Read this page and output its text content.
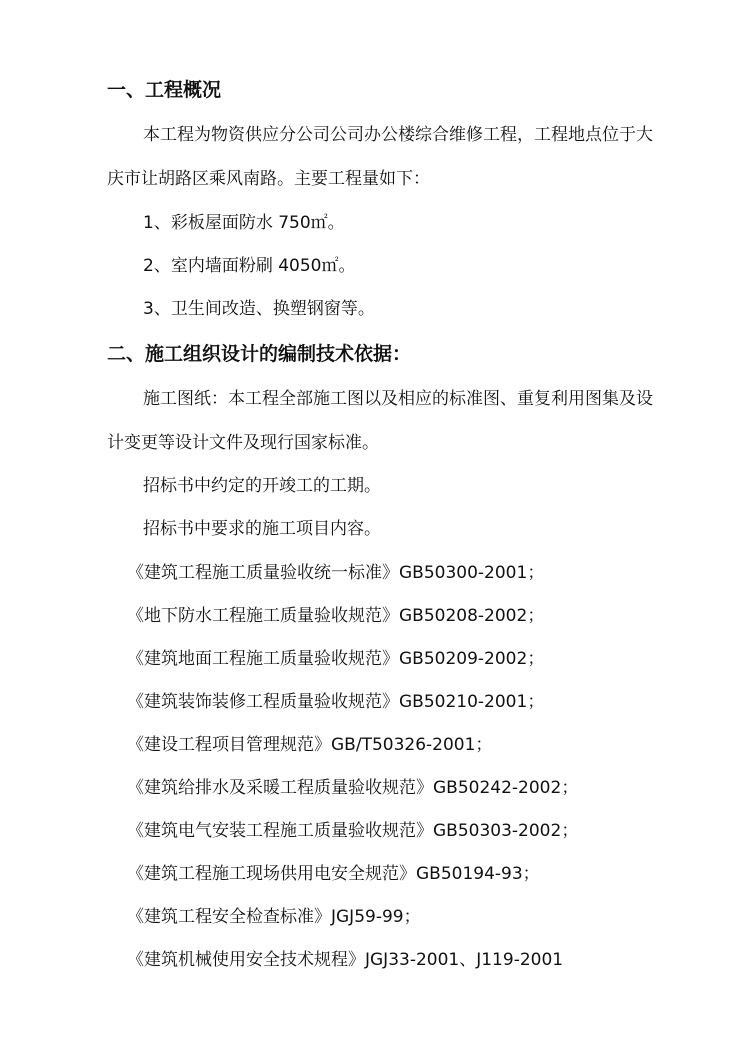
一、工程概况
本工程为物资供应分公司公司办公楼综合维修工程，工程地点位于大
庆市让胡路区乘风南路。主要工程量如下：
1、彩板屋面防水 750㎡。
2、室内墙面粉刷 4050㎡。
3、卫生间改造、换塑钢窗等。
二、施工组织设计的编制技术依据：
施工图纸：本工程全部施工图以及相应的标准图、重复利用图集及设
计变更等设计文件及现行国家标准。
招标书中约定的开竣工的工期。
招标书中要求的施工项目内容。
《建筑工程施工质量验收统一标准》GB50300-2001；
《地下防水工程施工质量验收规范》GB50208-2002；
《建筑地面工程施工质量验收规范》GB50209-2002；
《建筑装饰装修工程质量验收规范》GB50210-2001；
《建设工程项目管理规范》GB/T50326-2001；
《建筑给排水及采暖工程质量验收规范》GB50242-2002；
《建筑电气安装工程施工质量验收规范》GB50303-2002；
《建筑工程施工现场供用电安全规范》GB50194-93；
《建筑工程安全检查标准》JGJ59-99；
《建筑机械使用安全技术规程》JGJ33-2001、J119-2001
